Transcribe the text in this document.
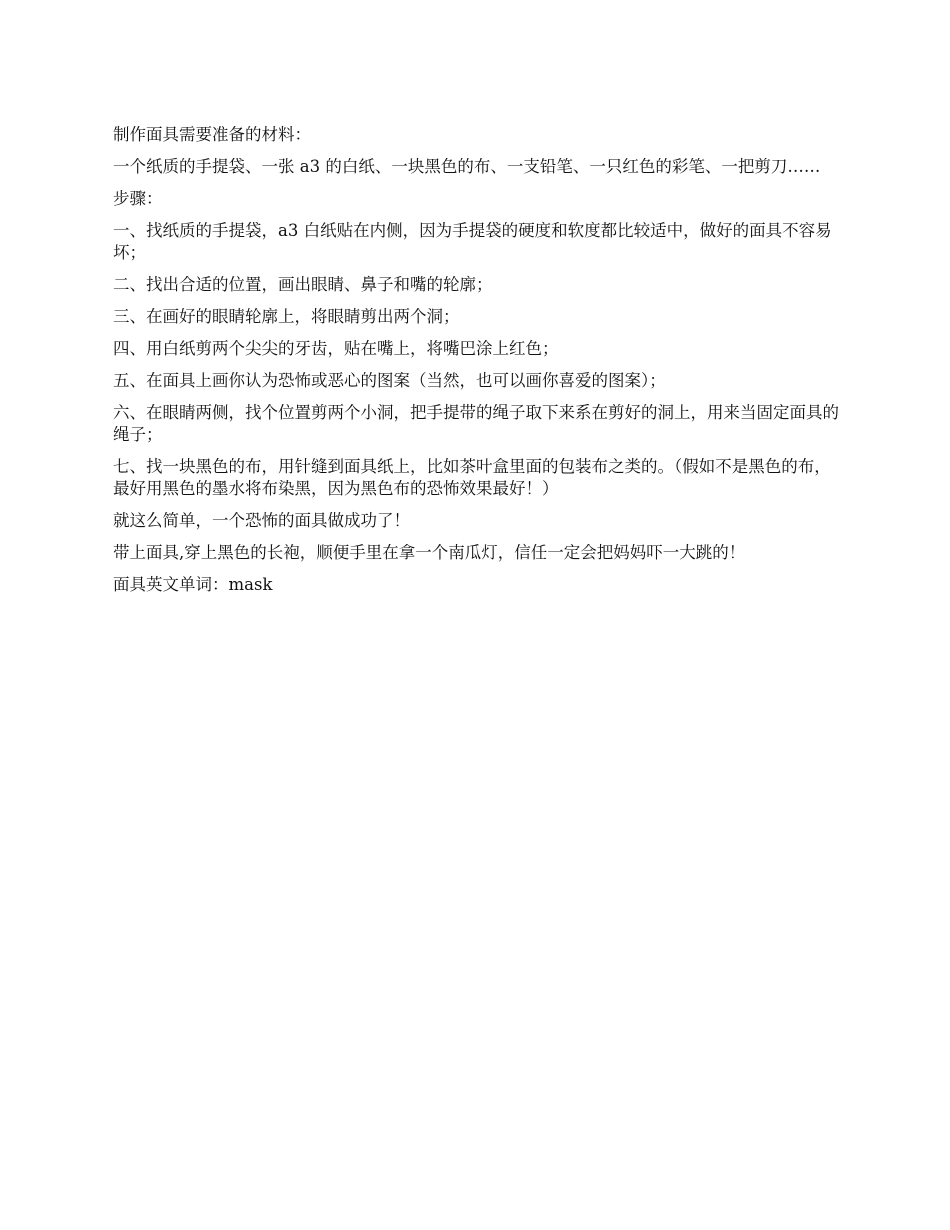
制作面具需要准备的材料：

一个纸质的手提袋、一张 a3 的白纸、一块黑色的布、一支铅笔、一只红色的彩笔、一把剪刀……

步骤：

一、找纸质的手提袋，a3 白纸贴在内侧，因为手提袋的硬度和软度都比较适中，做好的面具不容易坏；

二、找出合适的位置，画出眼睛、鼻子和嘴的轮廓；

三、在画好的眼睛轮廓上，将眼睛剪出两个洞；

四、用白纸剪两个尖尖的牙齿，贴在嘴上，将嘴巴涂上红色；

五、在面具上画你认为恐怖或恶心的图案（当然，也可以画你喜爱的图案）；

六、在眼睛两侧，找个位置剪两个小洞，把手提带的绳子取下来系在剪好的洞上，用来当固定面具的绳子；

七、找一块黑色的布，用针缝到面具纸上，比如茶叶盒里面的包装布之类的。（假如不是黑色的布，最好用黑色的墨水将布染黑，因为黑色布的恐怖效果最好！）

就这么简单，一个恐怖的面具做成功了！

带上面具,穿上黑色的长袍，顺便手里在拿一个南瓜灯，信任一定会把妈妈吓一大跳的！

面具英文单词：mask
